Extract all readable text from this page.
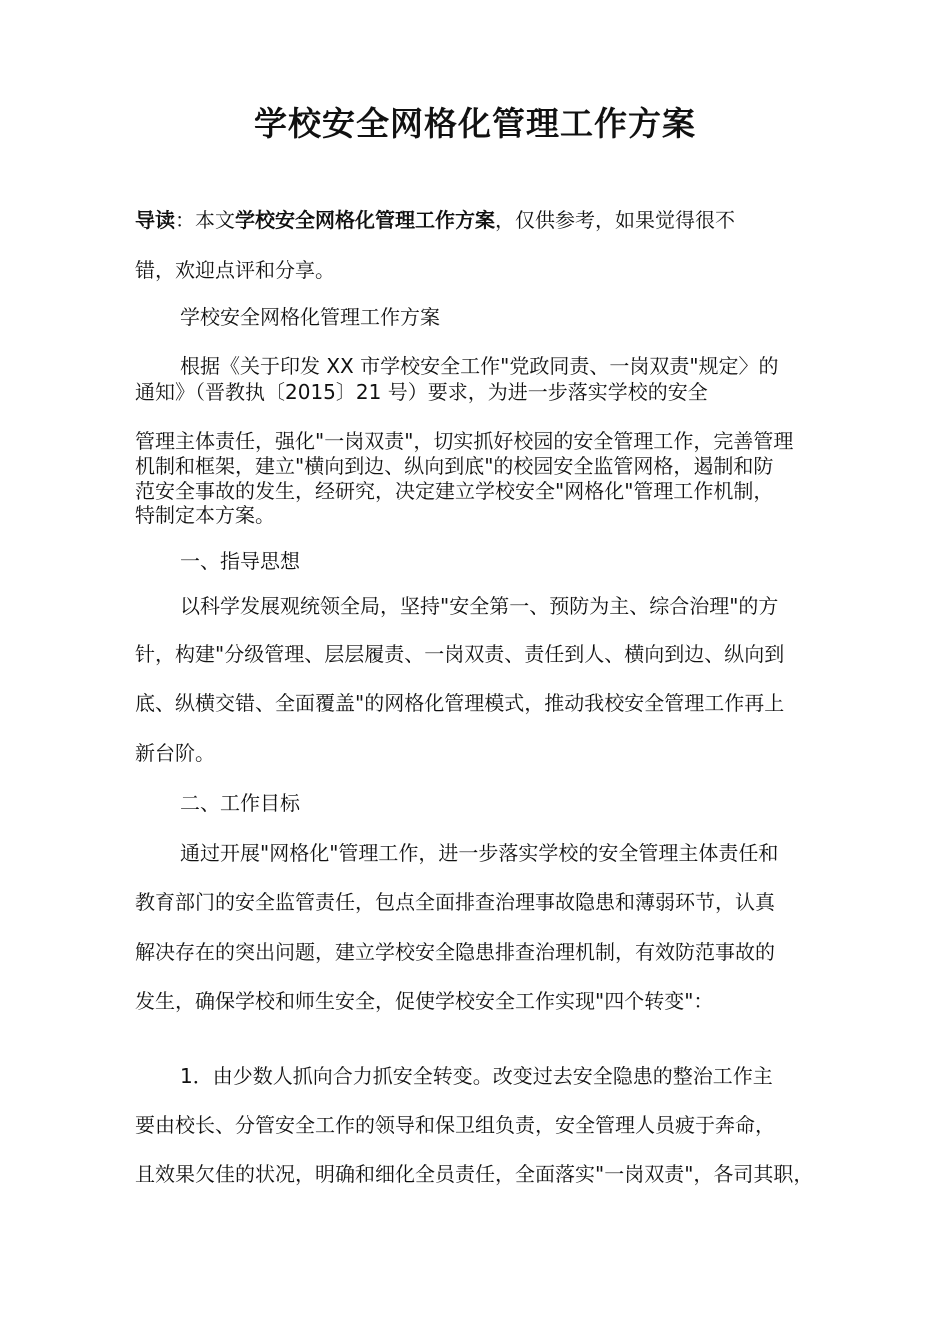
学校安全网格化管理工作方案

导读：本文学校安全网格化管理工作方案，仅供参考，如果觉得很不

错，欢迎点评和分享。

学校安全网格化管理工作方案

根据《关于印发 XX 市学校安全工作"党政同责、一岗双责"规定〉的

通知》（晋教执〔2015〕21 号）要求，为进一步落实学校的安全

管理主体责任，强化"一岗双责"，切实抓好校园的安全管理工作，完善管理

机制和框架，建立"横向到边、纵向到底"的校园安全监管网格，遏制和防

范安全事故的发生，经研究，决定建立学校安全"网格化"管理工作机制，

特制定本方案。

一、指导思想

以科学发展观统领全局，坚持"安全第一、预防为主、综合治理"的方

针，构建"分级管理、层层履责、一岗双责、责任到人、横向到边、纵向到

底、纵横交错、全面覆盖"的网格化管理模式，推动我校安全管理工作再上

新台阶。

二、工作目标

通过开展"网格化"管理工作，进一步落实学校的安全管理主体责任和

教育部门的安全监管责任，包点全面排查治理事故隐患和薄弱环节，认真

解决存在的突出问题，建立学校安全隐患排查治理机制，有效防范事故的

发生，确保学校和师生安全，促使学校安全工作实现"四个转变"：

1．由少数人抓向合力抓安全转变。改变过去安全隐患的整治工作主

要由校长、分管安全工作的领导和保卫组负责，安全管理人员疲于奔命，

且效果欠佳的状况，明确和细化全员责任，全面落实"一岗双责"，各司其职，
